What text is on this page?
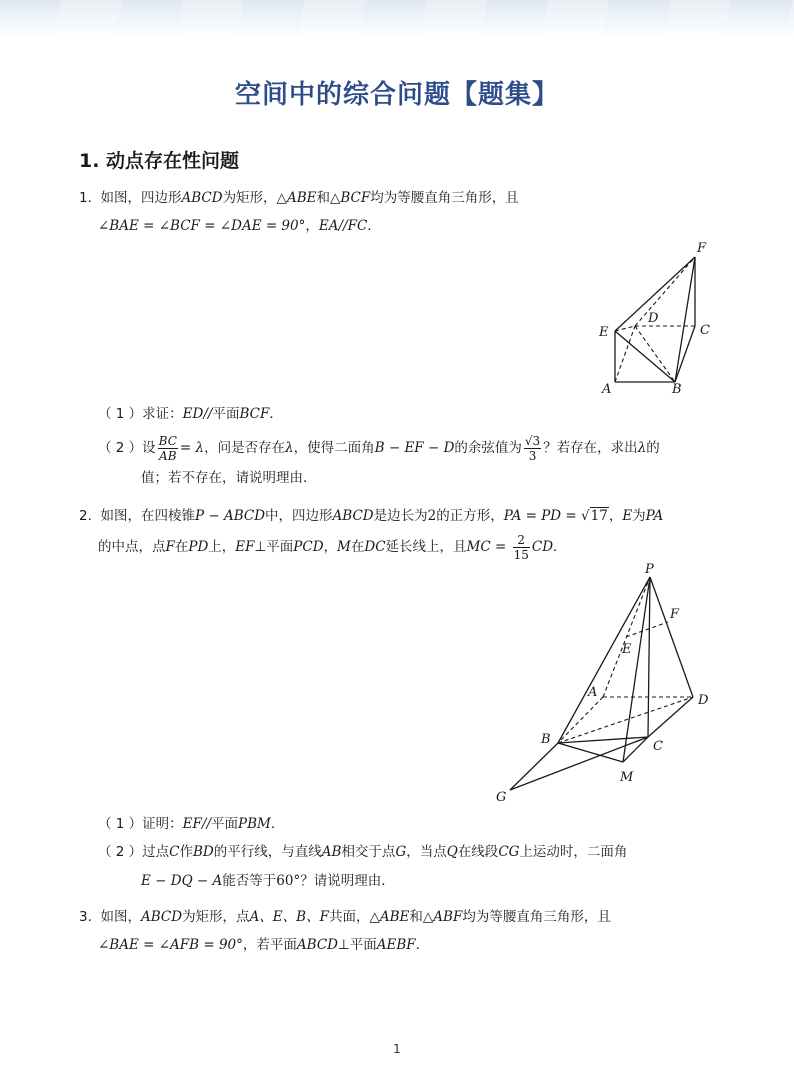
空间中的综合问题【题集】
1. 动点存在性问题
1. 如图，四边形ABCD为矩形，△ABE和△BCF均为等腰直角三角形，且
∠BAE = ∠BCF = ∠DAE = 90°，EA//FC．
F
D
E	C
A	B
（ 1 ）求证：ED//平面BCF．
（ 2 ）设 $\frac{BC}{AB} = \lambda$，问是否存在λ，使得二面角B − EF − D的余弦值为 $\frac{√3}{3}$ ？若存在，求出λ的
值；若不存在，请说明理由．
2. 如图，在四棱锥P − ABCD中，四边形ABCD是边长为2的正方形，PA = PD = √17，E为PA
的中点，点F在PD上，EF⊥平面PCD，M在DC延长线上，且MC = $\frac{2}{15}$ CD．
P
F
E
A
D
B	C
M
G
（ 1 ）证明：EF//平面PBM．
（ 2 ）过点C作BD的平行线，与直线AB相交于点G，当点Q在线段CG上运动时，二面角
E − DQ − A能否等于60°？请说明理由．
3. 如图，ABCD为矩形，点A、E、B、F共面，△ABE和△ABF均为等腰直角三角形，且
∠BAE = ∠AFB = 90°，若平面ABCD⊥平面AEBF．
1
